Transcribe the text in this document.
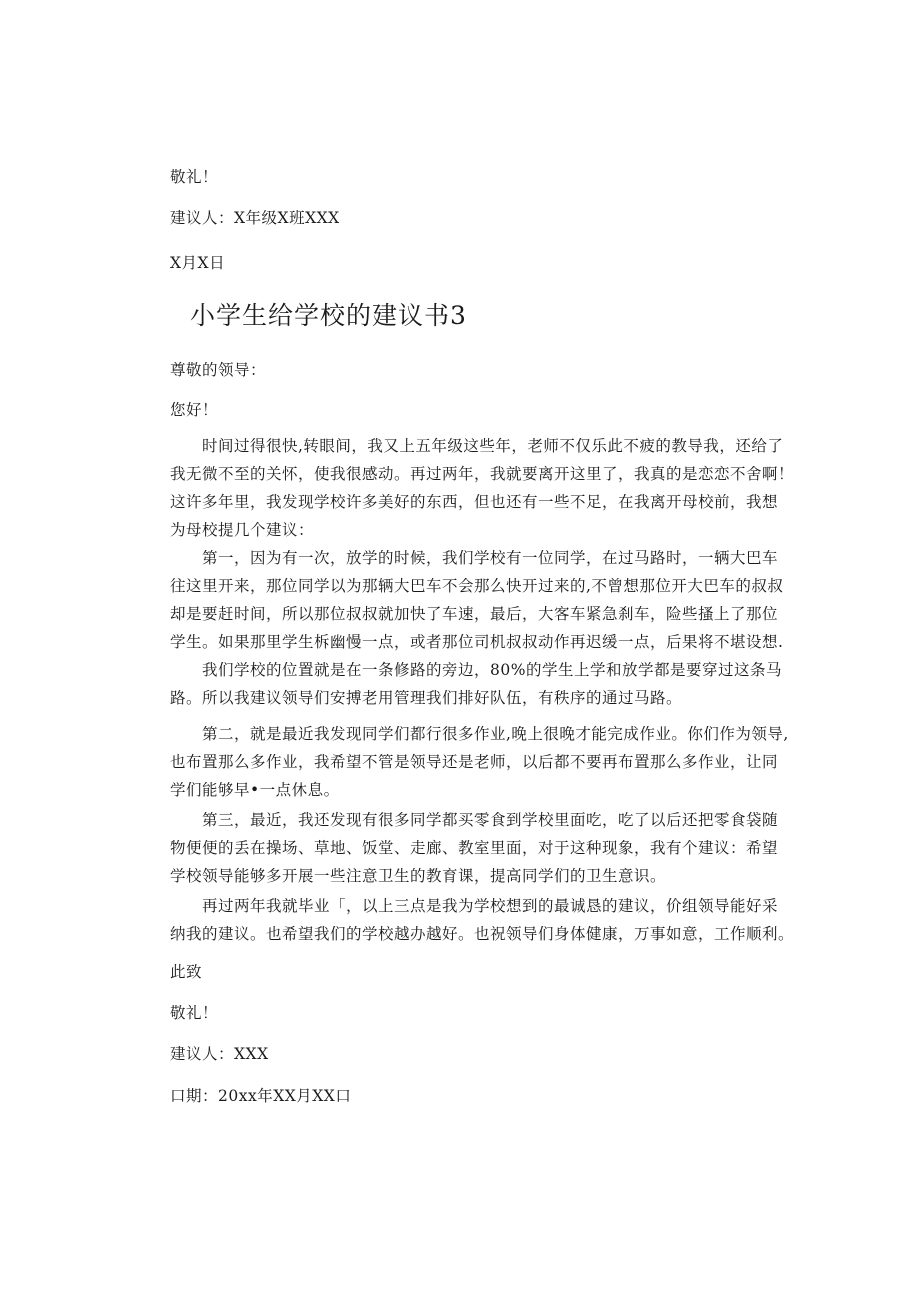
敬礼！
建议人：X年级X班XXX
X月X日
小学生给学校的建议书3
尊敬的领导：
您好！
　　时间过得很快,转眼间，我又上五年级这些年，老师不仅乐此不疲的教导我，还给了
我无微不至的关怀，使我很感动。再过两年，我就要离开这里了，我真的是恋恋不舍啊！
这许多年里，我发现学校许多美好的东西，但也还有一些不足，在我离开母校前，我想
为母校提几个建议：
　　第一，因为有一次，放学的时候，我们学校有一位同学，在过马路时，一辆大巴车
往这里开来，那位同学以为那辆大巴车不会那么快开过来的,不曾想那位开大巴车的叔叔
却是要赶时间，所以那位叔叔就加快了车速，最后，大客车紧急刹车，险些搔上了那位
学生。如果那里学生柝幽慢一点，或者那位司机叔叔动作再迟缓一点，后果将不堪设想.
　　我们学校的位置就是在一条修路的旁边，80%的学生上学和放学都是要穿过这条马
路。所以我建议领导们安搏老用管理我们排好队伍，有秩序的通过马路。
　　第二，就是最近我发现同学们都行很多作业,晚上很晚才能完成作业。你们作为领导,
也布置那么多作业，我希望不管是领导还是老师，以后都不要再布置那么多作业，让同
学们能够早•一点休息。
　　第三，最近，我还发现有很多同学都买零食到学校里面吃，吃了以后还把零食袋随
物便便的丢在操场、草地、饭堂、走廊、教室里面，对于这种现象，我有个建议：希望
学校领导能够多开展一些注意卫生的教育课，提高同学们的卫生意识。
　　再过两年我就毕业「，以上三点是我为学校想到的最诚恳的建议，价组领导能好采
纳我的建议。也希望我们的学校越办越好。也祝领导们身体健康，万事如意，工作顺利。
此致
敬礼！
建议人：XXX
口期：20xx年XX月XX口
